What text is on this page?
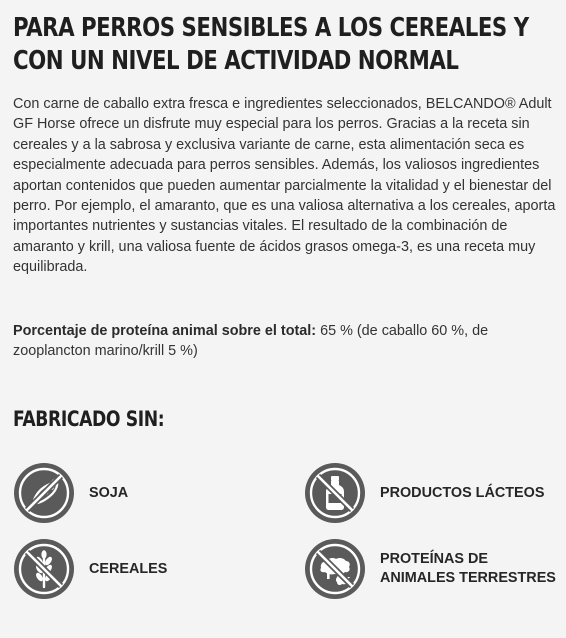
PARA PERROS SENSIBLES A LOS CEREALES Y CON UN NIVEL DE ACTIVIDAD NORMAL

Con carne de caballo extra fresca e ingredientes seleccionados, BELCANDO® Adult GF Horse ofrece un disfrute muy especial para los perros. Gracias a la receta sin cereales y a la sabrosa y exclusiva variante de carne, esta alimentación seca es especialmente adecuada para perros sensibles. Además, los valiosos ingredientes aportan contenidos que pueden aumentar parcialmente la vitalidad y el bienestar del perro. Por ejemplo, el amaranto, que es una valiosa alternativa a los cereales, aporta importantes nutrientes y sustancias vitales. El resultado de la combinación de amaranto y krill, una valiosa fuente de ácidos grasos omega-3, es una receta muy equilibrada.

Porcentaje de proteína animal sobre el total: 65 % (de caballo 60 %, de zooplancton marino/krill 5 %)

FABRICADO SIN:
SOJA	PRODUCTOS LÁCTEOS
CEREALES
PROTEÍNAS DE
ANIMALES TERRESTRES
